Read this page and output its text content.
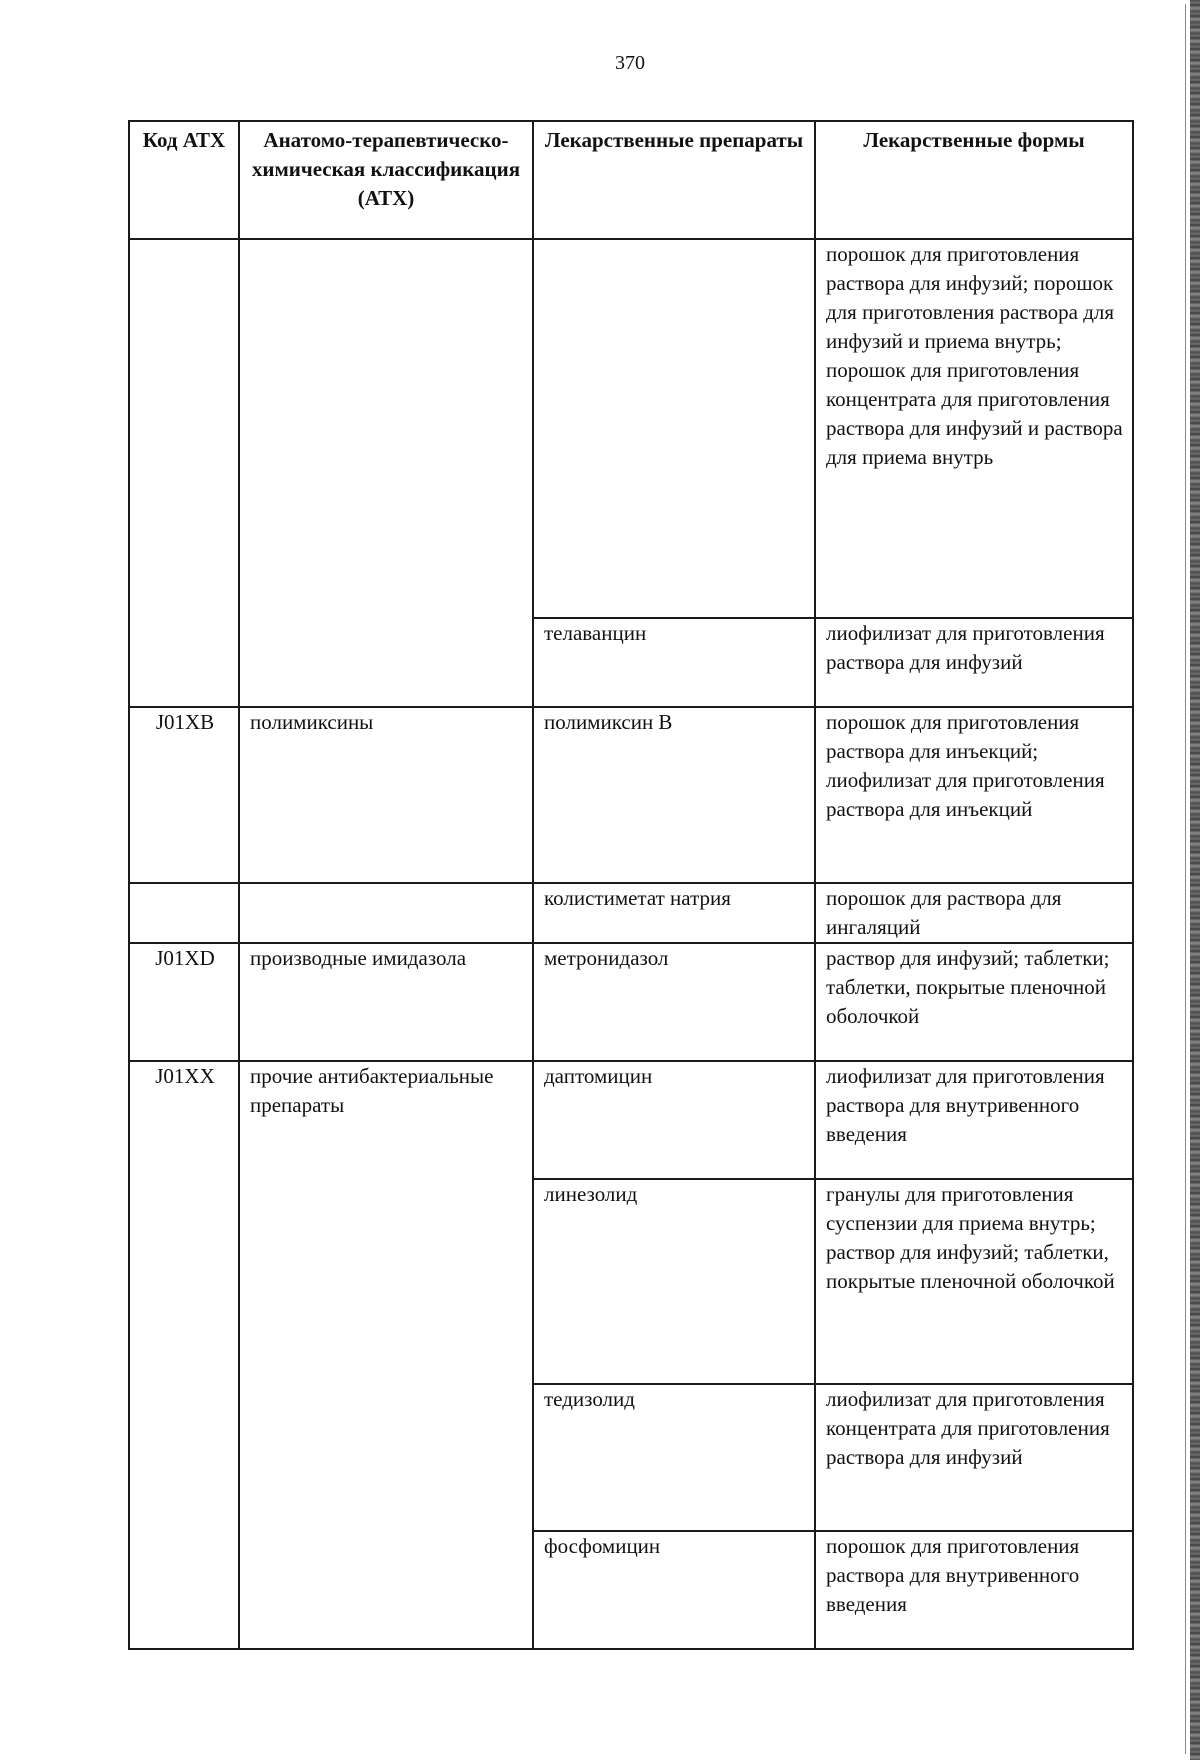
370
Код АТХ	Анатомо-терапевтическо-химическая классификация (АТХ)	Лекарственные препараты	Лекарственные формы
			порошок для приготовления раствора для инфузий; порошок для приготовления раствора для инфузий и приема внутрь; порошок для приготовления концентрата для приготовления раствора для инфузий и раствора для приема внутрь
		телаванцин	лиофилизат для приготовления раствора для инфузий
J01XB	полимиксины	полимиксин B	порошок для приготовления раствора для инъекций; лиофилизат для приготовления раствора для инъекций
		колистиметат натрия	порошок для раствора для ингаляций
J01XD	производные имидазола	метронидазол	раствор для инфузий; таблетки; таблетки, покрытые пленочной оболочкой
J01XX	прочие антибактериальные препараты	даптомицин	лиофилизат для приготовления раствора для внутривенного введения
		линезолид	гранулы для приготовления суспензии для приема внутрь; раствор для инфузий; таблетки, покрытые пленочной оболочкой
		тедизолид	лиофилизат для приготовления концентрата для приготовления раствора для инфузий
		фосфомицин	порошок для приготовления раствора для внутривенного введения
